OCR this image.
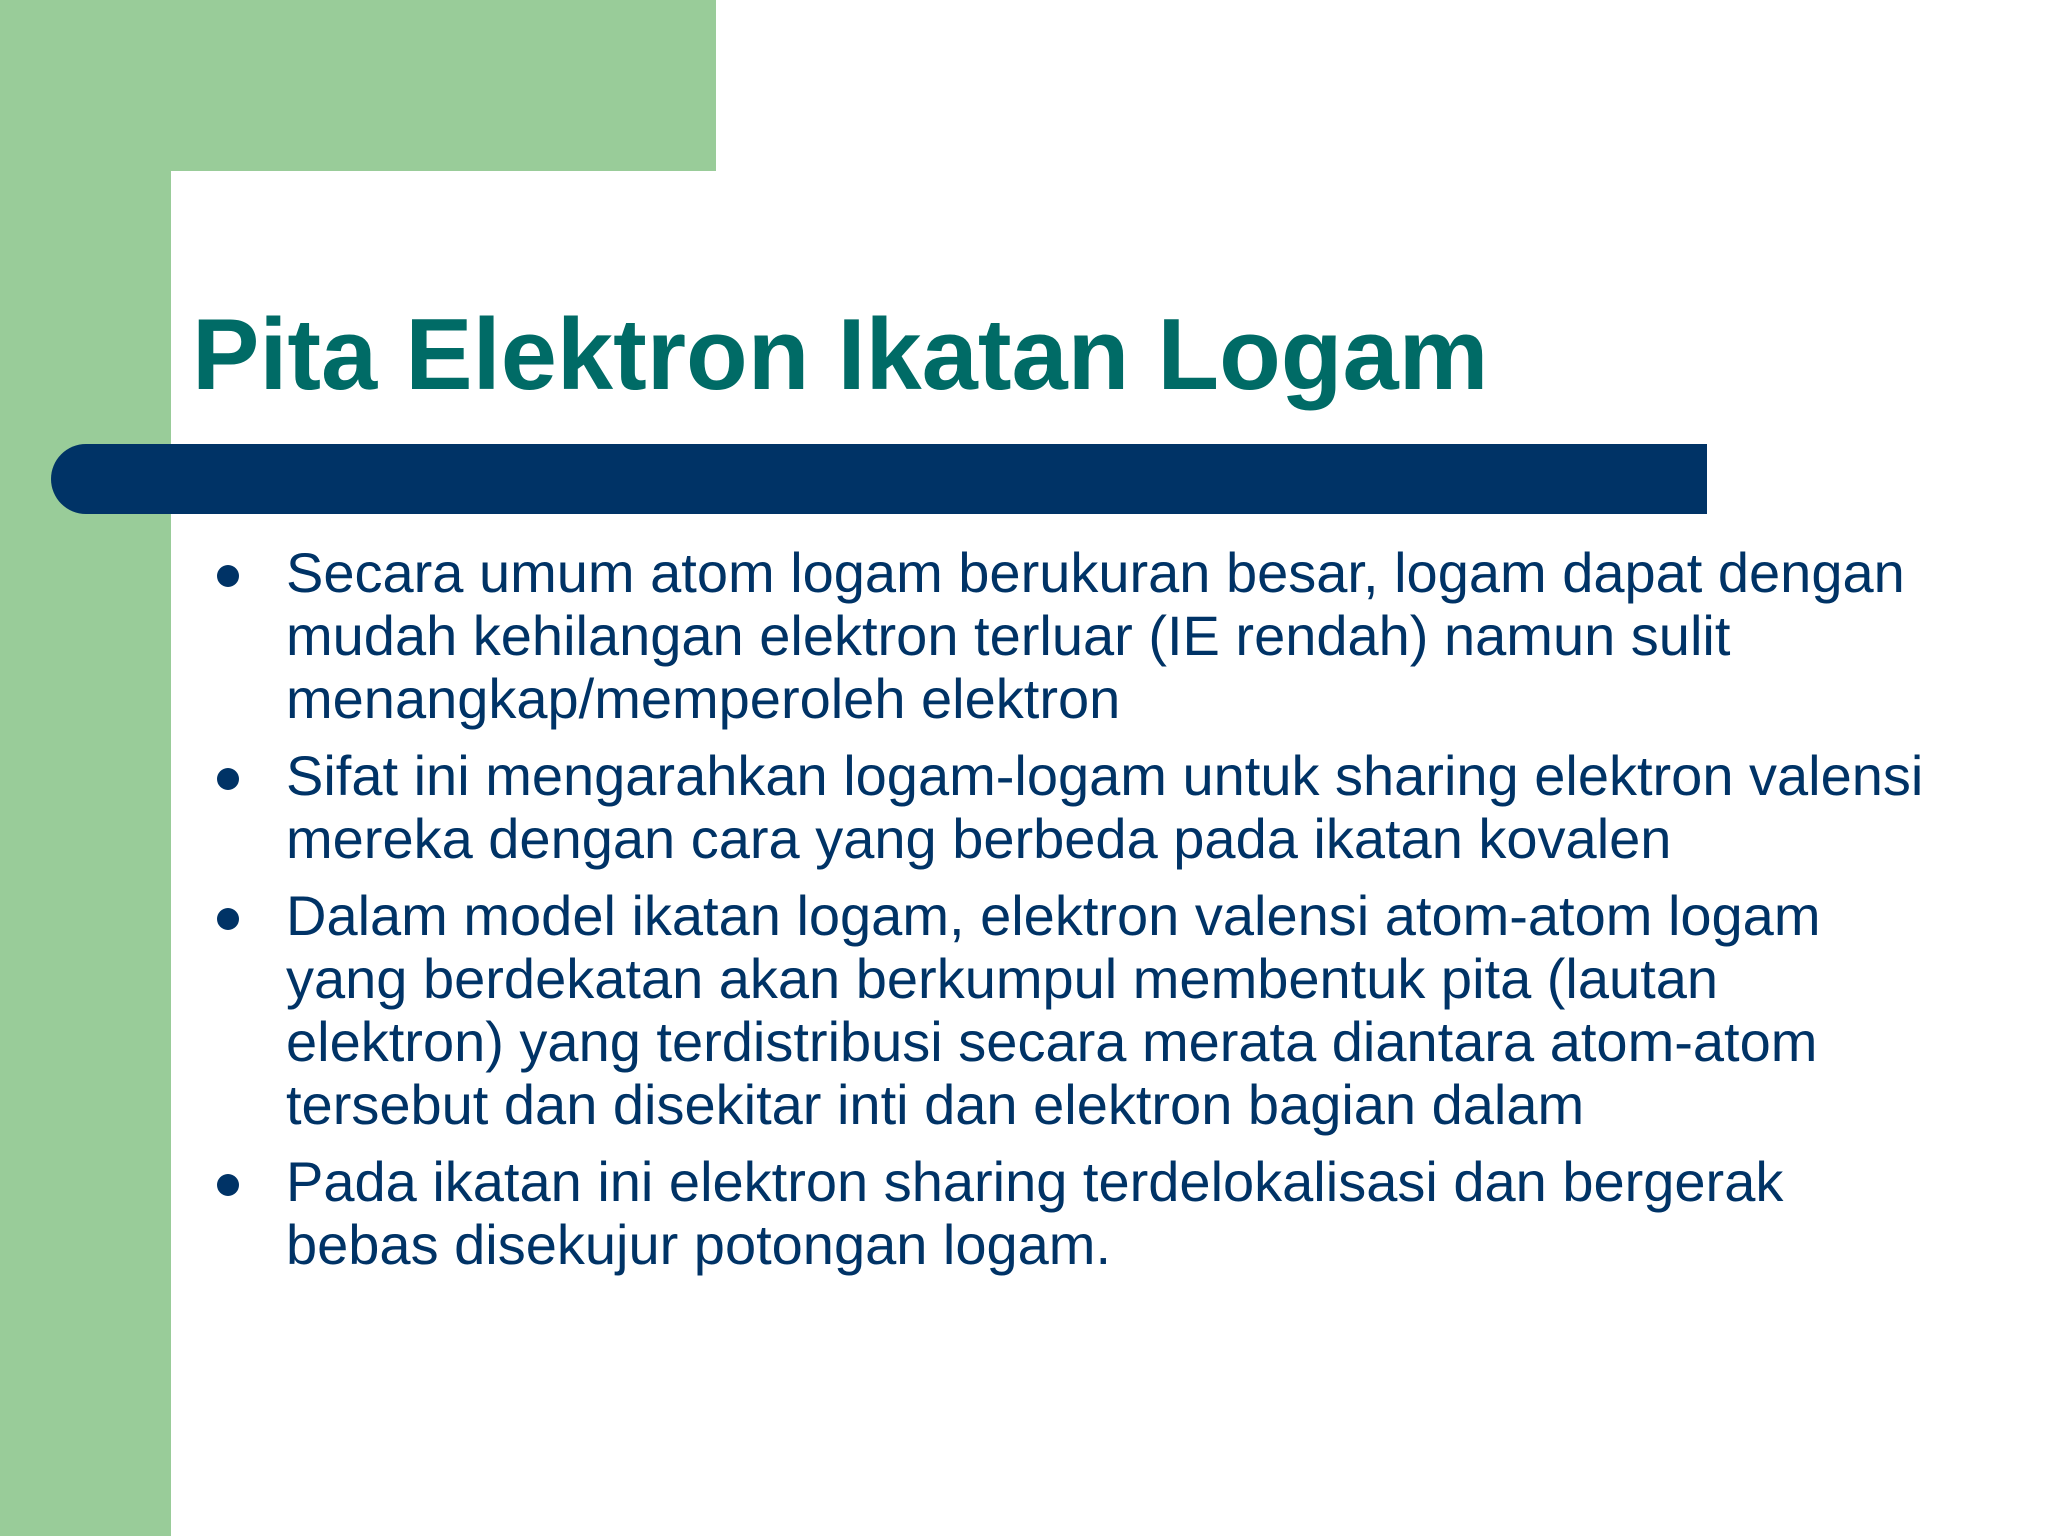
Pita Elektron Ikatan Logam
Secara umum atom logam berukuran besar, logam dapat dengan mudah kehilangan elektron terluar (IE rendah) namun sulit menangkap/memperoleh elektron
Sifat ini mengarahkan logam-logam untuk sharing elektron valensi mereka dengan cara yang berbeda pada ikatan kovalen
Dalam model ikatan logam, elektron valensi atom-atom logam yang berdekatan akan berkumpul membentuk pita (lautan elektron) yang terdistribusi secara merata diantara atom-atom tersebut dan disekitar inti dan elektron bagian dalam
Pada ikatan ini elektron sharing terdelokalisasi dan bergerak bebas disekujur potongan logam.
